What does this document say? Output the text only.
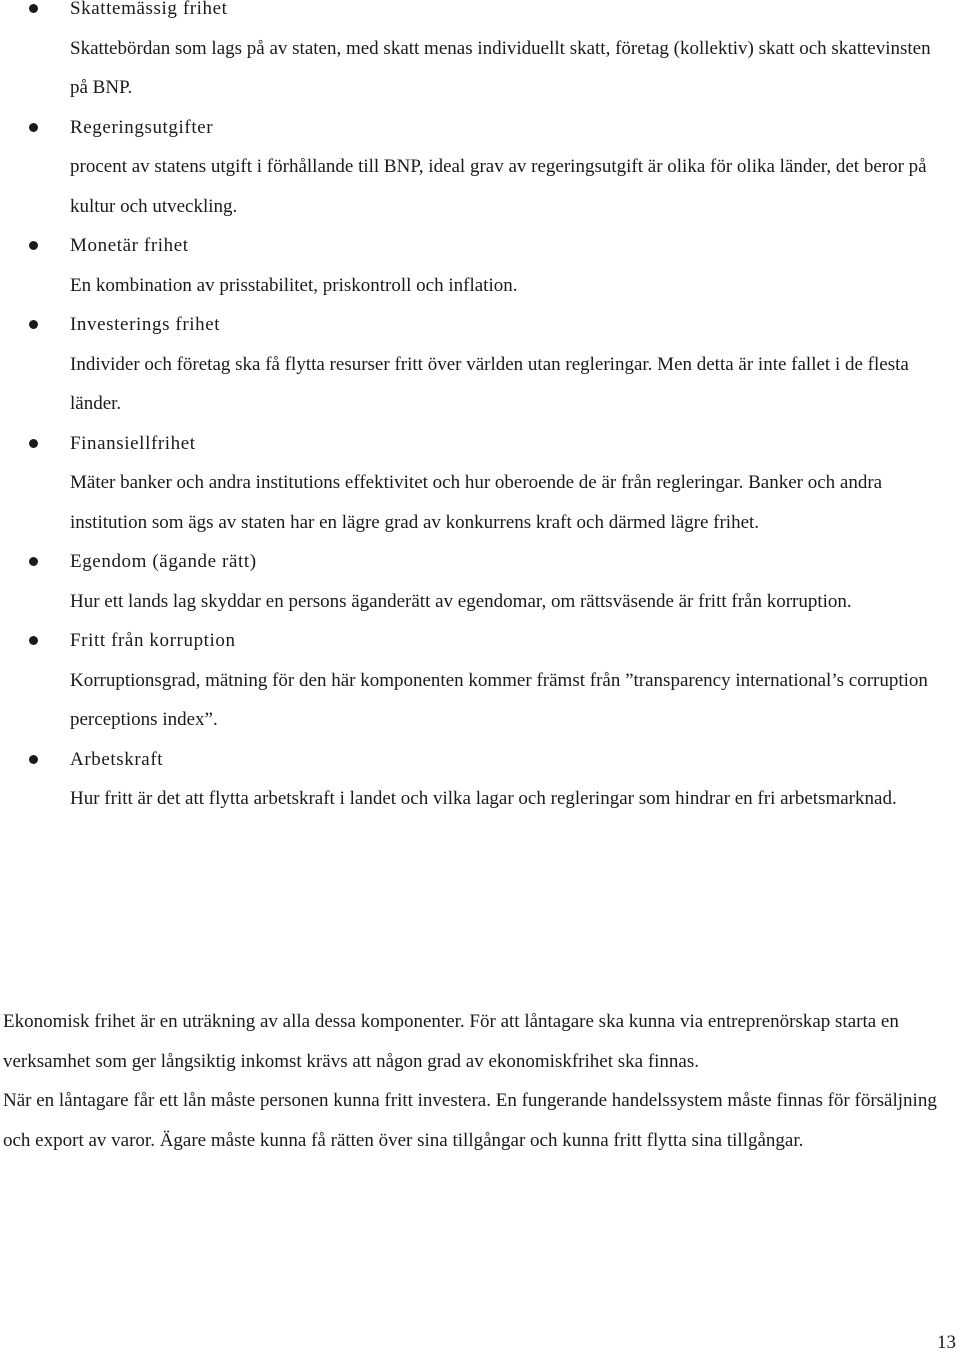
Skattemässig frihet
Skattebördan som lags på av staten, med skatt menas individuellt skatt, företag (kollektiv) skatt och skattevinsten på BNP.
Regeringsutgifter
procent av statens utgift i förhållande till BNP, ideal grav av regeringsutgift är olika för olika länder, det beror på kultur och utveckling.
Monetär frihet
En kombination av prisstabilitet, priskontroll och inflation.
Investerings frihet
Individer och företag ska få flytta resurser fritt över världen utan regleringar. Men detta är inte fallet i de flesta länder.
Finansiellfrihet
Mäter banker och andra institutions effektivitet och hur oberoende de är från regleringar. Banker och andra institution som ägs av staten har en lägre grad av konkurrens kraft och därmed lägre frihet.
Egendom (ägande rätt)
Hur ett lands lag skyddar en persons äganderätt av egendomar, om rättsväsende är fritt från korruption.
Fritt från korruption
Korruptionsgrad, mätning för den här komponenten kommer främst från ”transparency international’s corruption perceptions index”.
Arbetskraft
Hur fritt är det att flytta arbetskraft i landet och vilka lagar och regleringar som hindrar en fri arbetsmarknad.

Ekonomisk frihet är en uträkning av alla dessa komponenter. För att låntagare ska kunna via entreprenörskap starta en verksamhet som ger långsiktig inkomst krävs att någon grad av ekonomiskfrihet ska finnas.

När en låntagare får ett lån måste personen kunna fritt investera. En fungerande handelssystem måste finnas för försäljning och export av varor. Ägare måste kunna få rätten över sina tillgångar och kunna fritt flytta sina tillgångar.

13
